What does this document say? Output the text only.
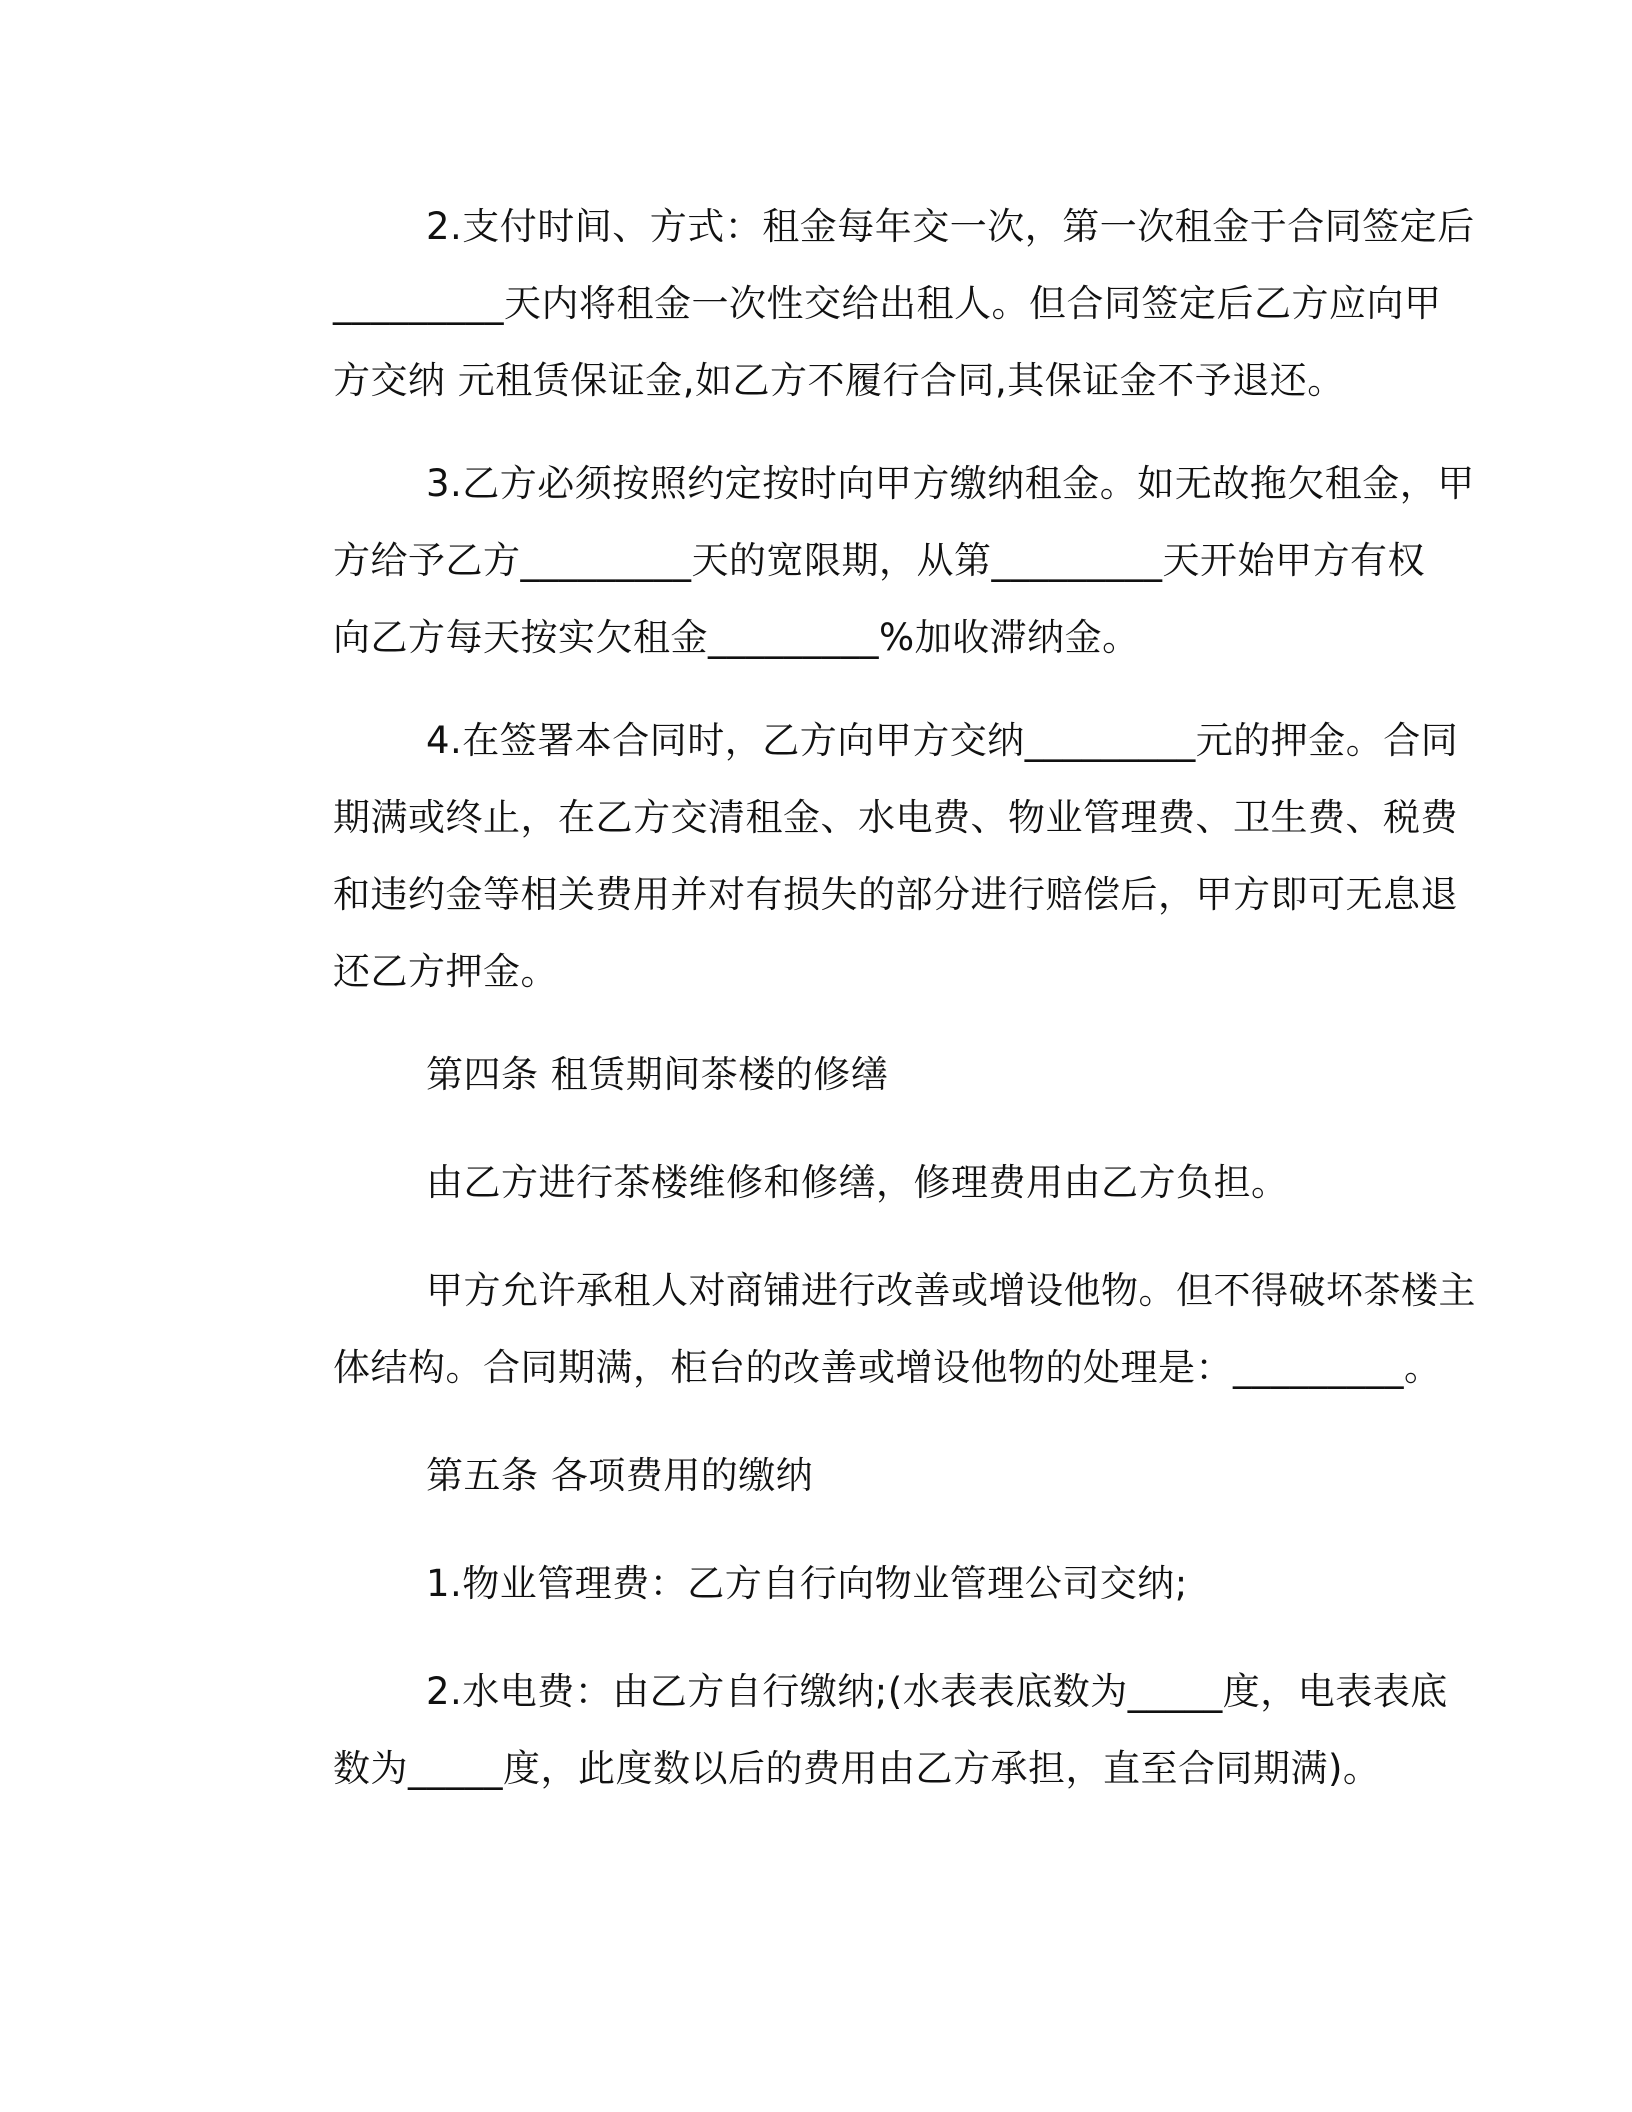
2.支付时间、方式：租金每年交一次，第一次租金于合同签定后
_________天内将租金一次性交给出租人。但合同签定后乙方应向甲
方交纳 元租赁保证金,如乙方不履行合同,其保证金不予退还。
3.乙方必须按照约定按时向甲方缴纳租金。如无故拖欠租金，甲
方给予乙方_________天的宽限期，从第_________天开始甲方有权
向乙方每天按实欠租金_________%加收滞纳金。
4.在签署本合同时，乙方向甲方交纳_________元的押金。合同
期满或终止，在乙方交清租金、水电费、物业管理费、卫生费、税费
和违约金等相关费用并对有损失的部分进行赔偿后，甲方即可无息退
还乙方押金。
第四条 租赁期间茶楼的修缮
由乙方进行茶楼维修和修缮，修理费用由乙方负担。
甲方允许承租人对商铺进行改善或增设他物。但不得破坏茶楼主
体结构。合同期满，柜台的改善或增设他物的处理是：_________。
第五条 各项费用的缴纳
1.物业管理费：乙方自行向物业管理公司交纳;
2.水电费：由乙方自行缴纳;(水表表底数为_____度，电表表底
数为_____度，此度数以后的费用由乙方承担，直至合同期满)。
